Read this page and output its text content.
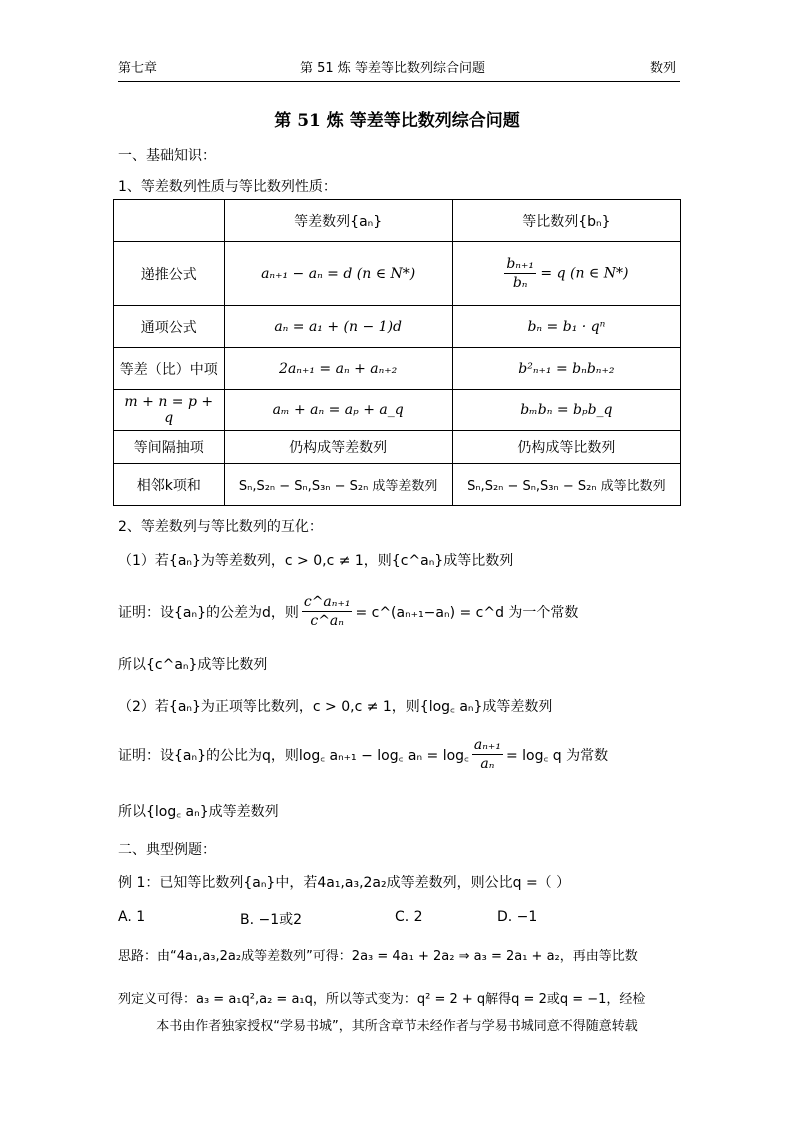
第七章	第 51 炼 等差等比数列综合问题	数列
第 51 炼 等差等比数列综合问题
一、基础知识：
1、等差数列性质与等比数列性质：
	等差数列{aₙ}	等比数列{bₙ}
递推公式	aₙ₊₁ − aₙ = d (n ∈ N*)	$\frac{\text{bₙ₊₁}}{\text{bₙ}} = q$ (n ∈ N*)
通项公式	aₙ = a₁ + (n − 1)d	bₙ = b₁ · qⁿ
等差（比）中项	2aₙ₊₁ = aₙ + aₙ₊₂	b²ₙ₊₁ = bₙbₙ₊₂
m + n = p + q	aₘ + aₙ = aₚ + a_q	bₘbₙ = bₚb_q
等间隔抽项	仍构成等差数列	仍构成等比数列
相邻k项和	Sₙ,S₂ₙ − Sₙ,S₃ₙ − S₂ₙ 成等差数列	Sₙ,S₂ₙ − Sₙ,S₃ₙ − S₂ₙ 成等比数列
2、等差数列与等比数列的互化：
（1）若{aₙ}为等差数列，c > 0,c ≠ 1，则{c^aₙ}成等比数列
证明：设{aₙ}的公差为d，则 $\frac{\text{c\textasciicircum{}aₙ₊₁}}{\text{c\textasciicircum{}aₙ}}$ = c^(aₙ₊₁−aₙ) = c^d 为一个常数
所以{c^aₙ}成等比数列
（2）若{aₙ}为正项等比数列，c > 0,c ≠ 1，则{log꜀ aₙ}成等差数列
证明：设{aₙ}的公比为q，则log꜀ aₙ₊₁ − log꜀ aₙ = log꜀ $\frac{\text{aₙ₊₁}}{\text{aₙ}}$ = log꜀ q 为常数
所以{log꜀ aₙ}成等差数列
二、典型例题：
例 1：已知等比数列{aₙ}中，若4a₁,a₃,2a₂成等差数列，则公比q =（ ）
A. 1	B. −1或2	C. 2	D. −1
思路：由“4a₁,a₃,2a₂成等差数列”可得：2a₃ = 4a₁ + 2a₂ ⇒ a₃ = 2a₁ + a₂，再由等比数
列定义可得：a₃ = a₁q²,a₂ = a₁q，所以等式变为：q² = 2 + q解得q = 2或q = −1，经检
本书由作者独家授权“学易书城”，其所含章节未经作者与学易书城同意不得随意转载
